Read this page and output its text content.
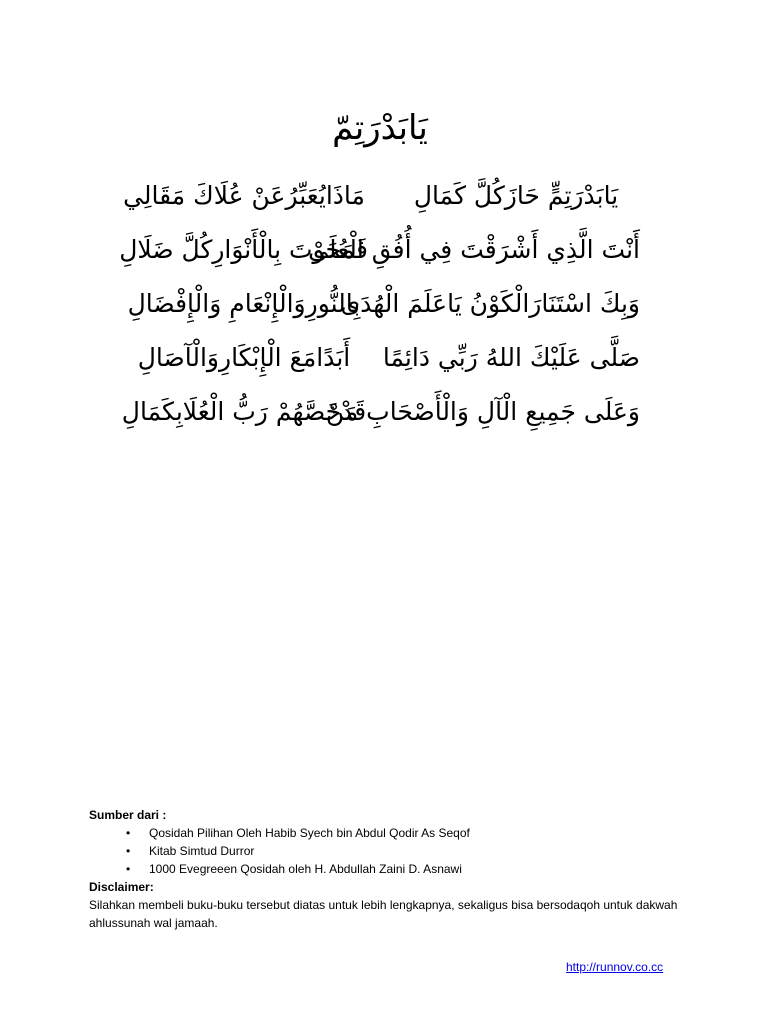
يَابَدْرَتِمّ
يَابَدْرَتِمٍّ حَازَكُلَّ كَمَالِ
مَاذَايُعَبِّرُعَنْ عُلَاكَ مَقَالِي
أَنْتَ الَّذِي أَشْرَقْتَ فِي أُفُقِ الْعُلَى
فَمَحَوْتَ بِالْأَنْوَارِكُلَّ ضَلَالِ
وَبِكَ اسْتَنَارَالْكَوْنُ يَاعَلَمَ الْهُدَى
بِالنُّورِوَالْإِنْعَامِ وَالْإِفْضَالِ
صَلَّى عَلَيْكَ اللهُ رَبِّي دَائِمًا
أَبَدًامَعَ الْإِبْكَارِوَالْآصَالِ
وَعَلَى جَمِيعِ الْآلِ وَالْأَصْحَابِ مَنْ
قَدْخَصَّهُمْ رَبُّ الْعُلَابِكَمَالِ
Sumber dari :
• Qosidah Pilihan Oleh Habib Syech bin Abdul Qodir As Seqof
• Kitab Simtud Durror
• 1000 Evegreeen Qosidah oleh H. Abdullah Zaini D. Asnawi
Disclaimer:
Silahkan membeli buku-buku tersebut diatas untuk lebih lengkapnya, sekaligus bisa bersodaqoh untuk dakwah ahlussunah wal jamaah.
http://runnov.co.cc
